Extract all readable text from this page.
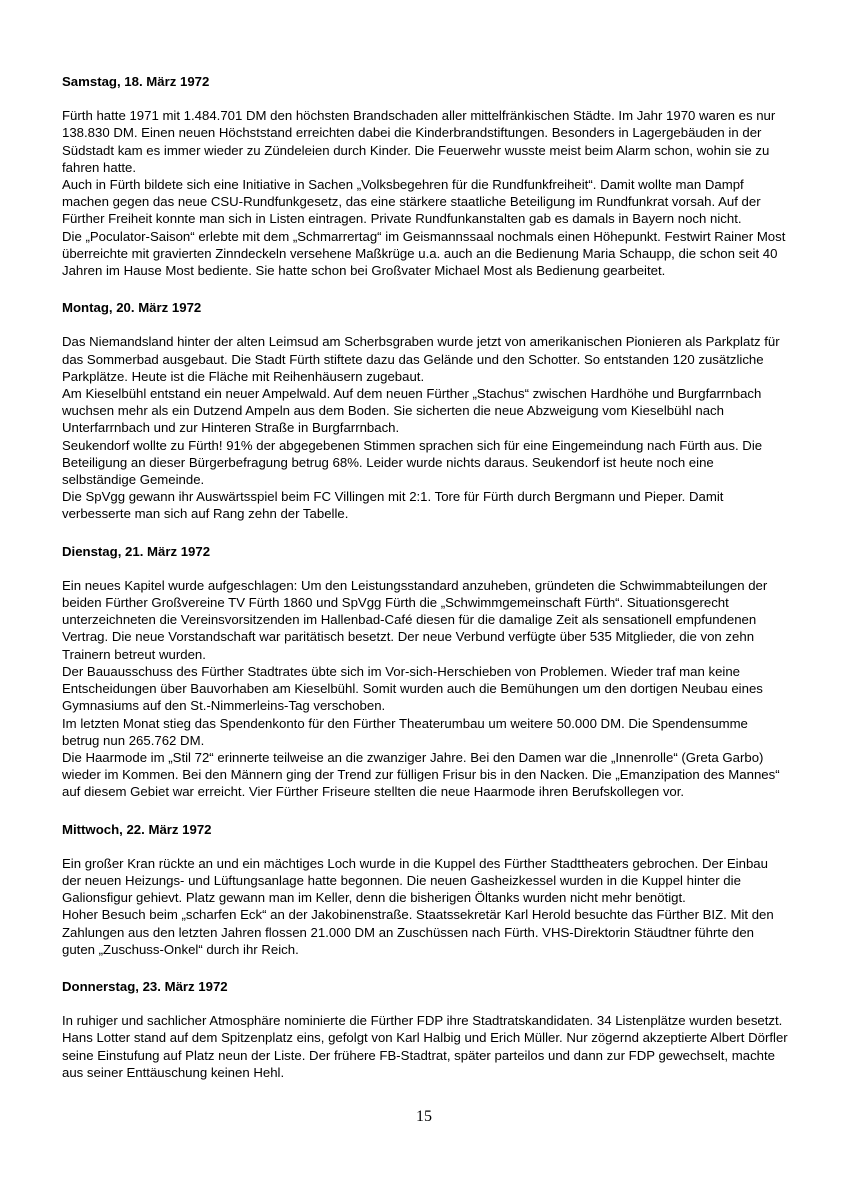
Samstag, 18. März 1972

Fürth hatte 1971 mit 1.484.701 DM den höchsten Brandschaden aller mittelfränkischen Städte. Im Jahr 1970 waren es nur 138.830 DM. Einen neuen Höchststand erreichten dabei die Kinderbrandstiftungen. Besonders in Lagergebäuden in der Südstadt kam es immer wieder zu Zündeleien durch Kinder. Die Feuerwehr wusste meist beim Alarm schon, wohin sie zu fahren hatte.

Auch in Fürth bildete sich eine Initiative in Sachen „Volksbegehren für die Rundfunkfreiheit“. Damit wollte man Dampf machen gegen das neue CSU-Rundfunkgesetz, das eine stärkere staatliche Beteiligung im Rundfunkrat vorsah. Auf der Fürther Freiheit konnte man sich in Listen eintragen. Private Rundfunkanstalten gab es damals in Bayern noch nicht.

Die „Poculator-Saison“ erlebte mit dem „Schmarrertag“ im Geismannssaal nochmals einen Höhepunkt. Festwirt Rainer Most überreichte mit gravierten Zinndeckeln versehene Maßkrüge u.a. auch an die Bedienung Maria Schaupp, die schon seit 40 Jahren im Hause Most bediente. Sie hatte schon bei Großvater Michael Most als Bedienung gearbeitet.

Montag, 20. März 1972

Das Niemandsland hinter der alten Leimsud am Scherbsgraben wurde jetzt von amerikanischen Pionieren als Parkplatz für das Sommerbad ausgebaut. Die Stadt Fürth stiftete dazu das Gelände und den Schotter. So entstanden 120 zusätzliche Parkplätze. Heute ist die Fläche mit Reihenhäusern zugebaut.

Am Kieselbühl entstand ein neuer Ampelwald. Auf dem neuen Fürther „Stachus“ zwischen Hardhöhe und Burgfarrnbach wuchsen mehr als ein Dutzend Ampeln aus dem Boden. Sie sicherten die neue Abzweigung vom Kieselbühl nach Unterfarrnbach und zur Hinteren Straße in Burgfarrnbach.

Seukendorf wollte zu Fürth! 91% der abgegebenen Stimmen sprachen sich für eine Eingemeindung nach Fürth aus. Die Beteiligung an dieser Bürgerbefragung betrug 68%. Leider wurde nichts daraus. Seukendorf ist heute noch eine selbständige Gemeinde.

Die SpVgg gewann ihr Auswärtsspiel beim FC Villingen mit 2:1. Tore für Fürth durch Bergmann und Pieper. Damit verbesserte man sich auf Rang zehn der Tabelle.

Dienstag, 21. März 1972

Ein neues Kapitel wurde aufgeschlagen: Um den Leistungsstandard anzuheben, gründeten die Schwimmabteilungen der beiden Fürther Großvereine TV Fürth 1860 und SpVgg Fürth die „Schwimmgemeinschaft Fürth“. Situationsgerecht unterzeichneten die Vereinsvorsitzenden im Hallenbad-Café diesen für die damalige Zeit als sensationell empfundenen Vertrag. Die neue Vorstandschaft war paritätisch besetzt. Der neue Verbund verfügte über 535 Mitglieder, die von zehn Trainern betreut wurden.

Der Bauausschuss des Fürther Stadtrates übte sich im Vor-sich-Herschieben von Problemen. Wieder traf man keine Entscheidungen über Bauvorhaben am Kieselbühl. Somit wurden auch die Bemühungen um den dortigen Neubau eines Gymnasiums auf den St.-Nimmerleins-Tag verschoben.

Im letzten Monat stieg das Spendenkonto für den Fürther Theaterumbau um weitere 50.000 DM. Die Spendensumme betrug nun 265.762 DM.

Die Haarmode im „Stil 72“ erinnerte teilweise an die zwanziger Jahre. Bei den Damen war die „Innenrolle“ (Greta Garbo) wieder im Kommen. Bei den Männern ging der Trend zur fülligen Frisur bis in den Nacken. Die „Emanzipation des Mannes“ auf diesem Gebiet war erreicht. Vier Fürther Friseure stellten die neue Haarmode ihren Berufskollegen vor.

Mittwoch, 22. März 1972

Ein großer Kran rückte an und ein mächtiges Loch wurde in die Kuppel des Fürther Stadttheaters gebrochen. Der Einbau der neuen Heizungs- und Lüftungsanlage hatte begonnen. Die neuen Gasheizkessel wurden in die Kuppel hinter die Galionsfigur gehievt. Platz gewann man im Keller, denn die bisherigen Öltanks wurden nicht mehr benötigt.

Hoher Besuch beim „scharfen Eck“ an der Jakobinenstraße. Staatssekretär Karl Herold besuchte das Fürther BIZ. Mit den Zahlungen aus den letzten Jahren flossen 21.000 DM an Zuschüssen nach Fürth. VHS-Direktorin Stäudtner führte den guten „Zuschuss-Onkel“ durch ihr Reich.

Donnerstag, 23. März 1972

In ruhiger und sachlicher Atmosphäre nominierte die Fürther FDP ihre Stadtratskandidaten. 34 Listenplätze wurden besetzt. Hans Lotter stand auf dem Spitzenplatz eins, gefolgt von Karl Halbig und Erich Müller. Nur zögernd akzeptierte Albert Dörfler seine Einstufung auf Platz neun der Liste. Der frühere FB-Stadtrat, später parteilos und dann zur FDP gewechselt, machte aus seiner Enttäuschung keinen Hehl.

15
